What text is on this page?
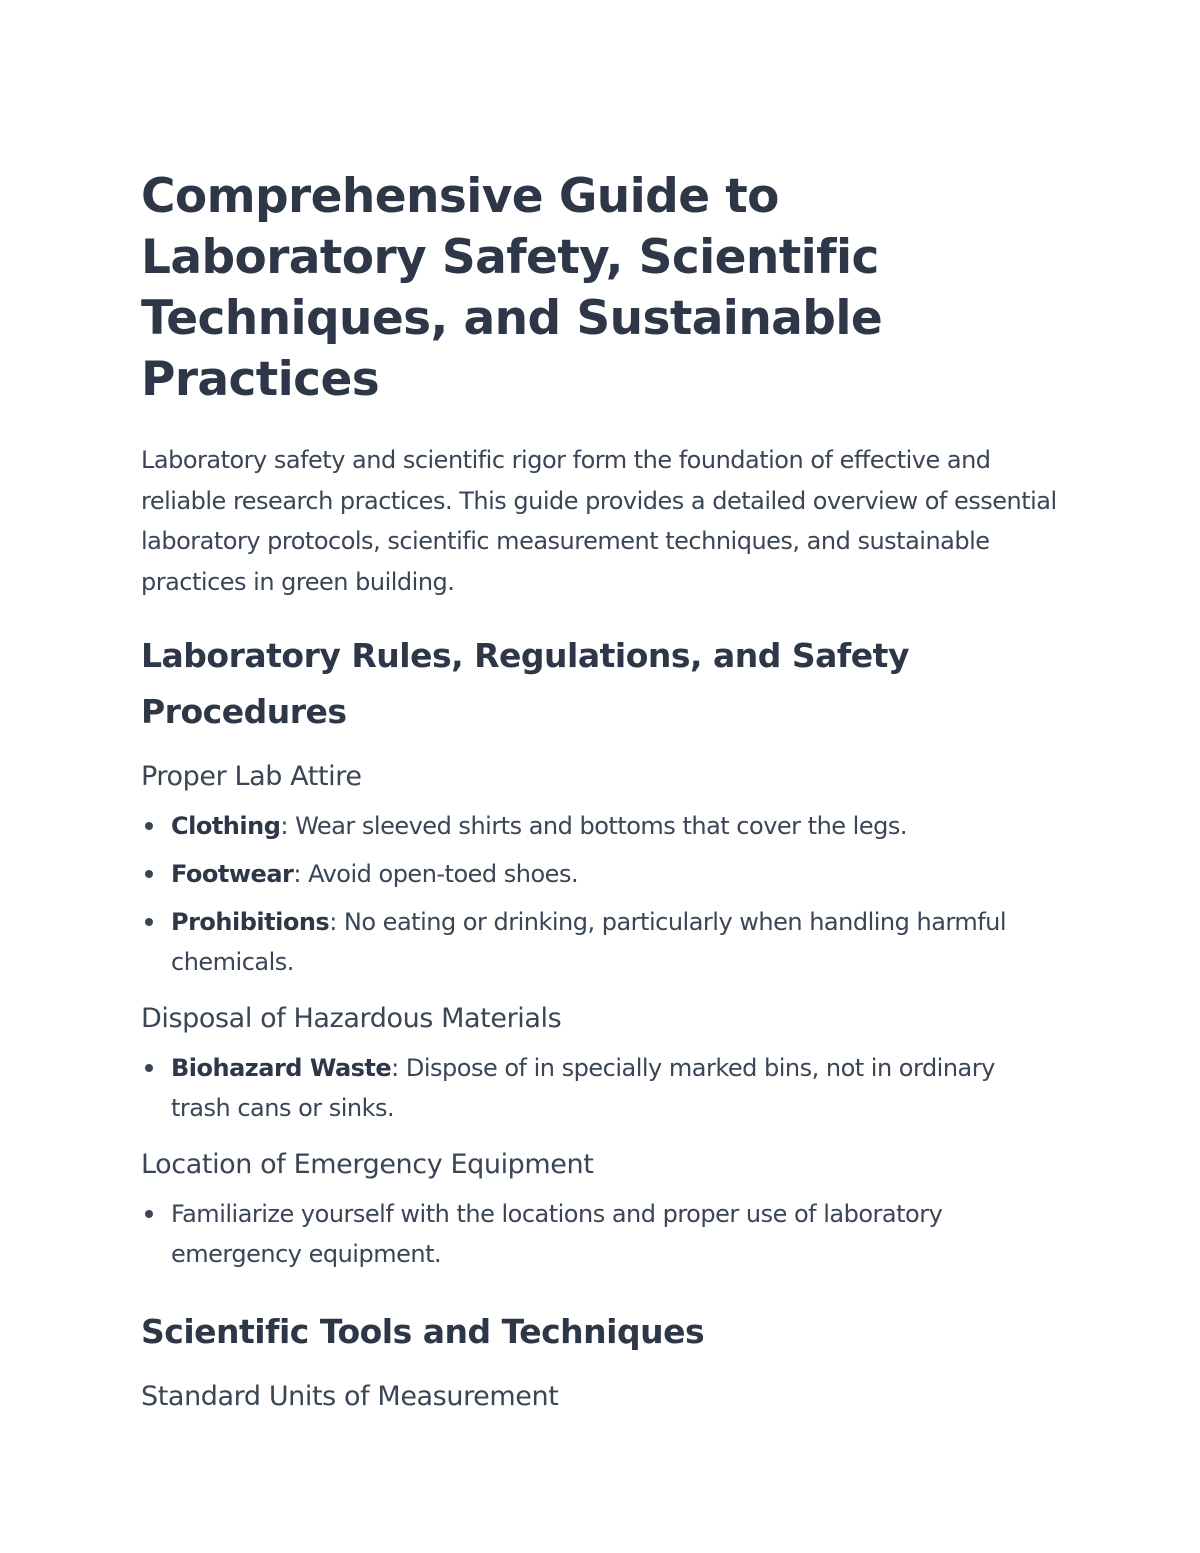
Comprehensive Guide to Laboratory Safety, Scientific Techniques, and Sustainable Practices

Laboratory safety and scientific rigor form the foundation of effective and reliable research practices. This guide provides a detailed overview of essential laboratory protocols, scientific measurement techniques, and sustainable practices in green building.

Laboratory Rules, Regulations, and Safety Procedures
Proper Lab Attire
Clothing: Wear sleeved shirts and bottoms that cover the legs.
Footwear: Avoid open-toed shoes.
Prohibitions: No eating or drinking, particularly when handling harmful chemicals.
Disposal of Hazardous Materials
Biohazard Waste: Dispose of in specially marked bins, not in ordinary trash cans or sinks.
Location of Emergency Equipment
Familiarize yourself with the locations and proper use of laboratory emergency equipment.
Scientific Tools and Techniques
Standard Units of Measurement
